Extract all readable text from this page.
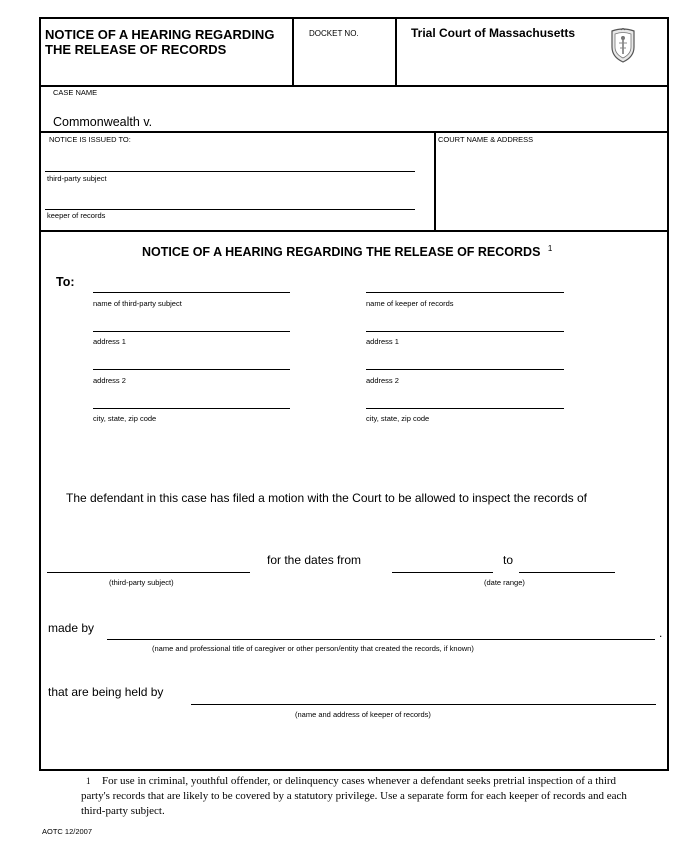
NOTICE OF A HEARING REGARDING THE RELEASE OF RECORDS
DOCKET NO.	Trial Court of Massachusetts
CASE NAME
Commonwealth v.
NOTICE IS ISSUED TO:
third-party subject
keeper of records
COURT NAME & ADDRESS
NOTICE OF A HEARING REGARDING THE RELEASE OF RECORDS $^1$
To:
name of third-party subject
address 1
address 2
city, state, zip code
name of keeper of records
address 1
address 2
city, state, zip code
The defendant in this case has filed a motion with the Court to be allowed to inspect the records of
for the dates from	to
(third-party subject)	(date range)
made by	.
(name and professional title of caregiver or other person/entity that created the records, if known)
that are being held by
(name and address of keeper of records)
1	For use in criminal, youthful offender, or delinquency cases whenever a defendant seeks pretrial inspection of a third party's records that are likely to be covered by a statutory privilege. Use a separate form for each keeper of records and each third-party subject.
AOTC 12/2007
